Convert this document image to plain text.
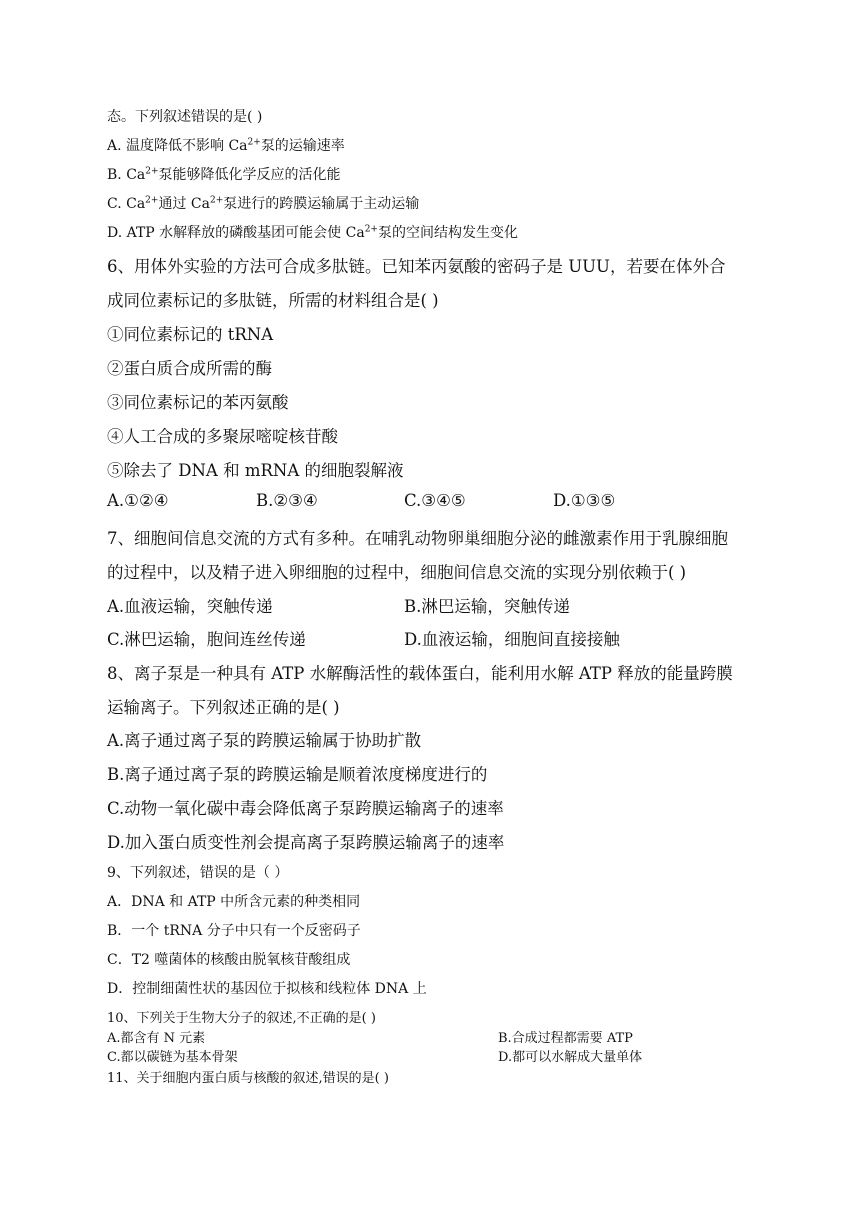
态。下列叙述错误的是( )
A. 温度降低不影响 $Ca^{2+}$泵的运输速率
B. $Ca^{2+}$泵能够降低化学反应的活化能
C. $Ca^{2+}$通过 $Ca^{2+}$泵进行的跨膜运输属于主动运输
D. ATP 水解释放的磷酸基团可能会使 $Ca^{2+}$泵的空间结构发生变化
6、用体外实验的方法可合成多肽链。已知苯丙氨酸的密码子是 UUU，若要在体外合
成同位素标记的多肽链，所需的材料组合是( )
①同位素标记的 tRNA
②蛋白质合成所需的酶
③同位素标记的苯丙氨酸
④人工合成的多聚尿嘧啶核苷酸
⑤除去了 DNA 和 mRNA 的细胞裂解液
A.①②④	B.②③④	C.③④⑤	D.①③⑤
7、细胞间信息交流的方式有多种。在哺乳动物卵巢细胞分泌的雌激素作用于乳腺细胞
的过程中，以及精子进入卵细胞的过程中，细胞间信息交流的实现分别依赖于( )
A.血液运输，突触传递	B.淋巴运输，突触传递
C.淋巴运输，胞间连丝传递	D.血液运输，细胞间直接接触
8、离子泵是一种具有 ATP 水解酶活性的载体蛋白，能利用水解 ATP 释放的能量跨膜
运输离子。下列叙述正确的是( )
A.离子通过离子泵的跨膜运输属于协助扩散
B.离子通过离子泵的跨膜运输是顺着浓度梯度进行的
C.动物一氧化碳中毒会降低离子泵跨膜运输离子的速率
D.加入蛋白质变性剂会提高离子泵跨膜运输离子的速率
9、下列叙述，错误的是（ ）
A．DNA 和 ATP 中所含元素的种类相同
B．一个 tRNA 分子中只有一个反密码子
C．T2 噬菌体的核酸由脱氧核苷酸组成
D．控制细菌性状的基因位于拟核和线粒体 DNA 上
10、下列关于生物大分子的叙述,不正确的是( )
A.都含有 N 元素	B.合成过程都需要 ATP
C.都以碳链为基本骨架	D.都可以水解成大量单体
11、关于细胞内蛋白质与核酸的叙述,错误的是( )
